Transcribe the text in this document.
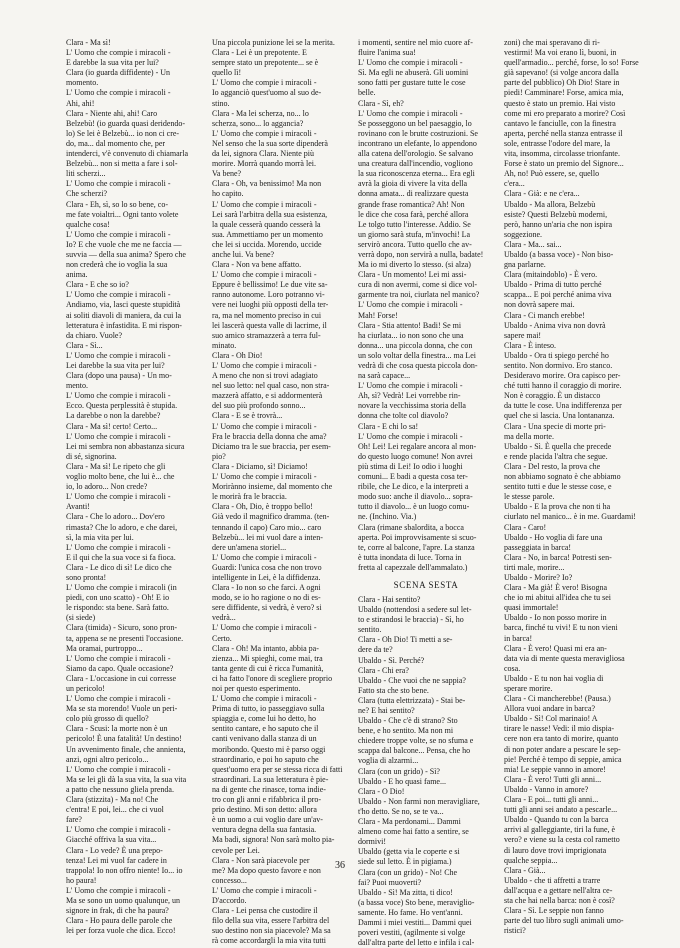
Clara - Ma sì!
L' Uomo che compie i miracoli -
E darebbe la sua vita per lui?
Clara (io guarda diffidente) - Un
momento.
L' Uomo che compie i miracoli -
Ahi, ahi!
Clara - Niente ahi, ahi! Caro
Belzebù! (io guarda quasi deridendo-
lo) Se lei è Belzebù... io non ci cre-
do, ma... dal momento che, per
intenderci, v'è convenuto di chiamarla
Belzebù... non si metta a fare i sol-
liti scherzi...
L' Uomo che compie i miracoli -
Che scherzi?
Clara - Eh, sì, so lo so bene, co-
me fate voialtri... Ogni tanto volete
qualche cosa!
L' Uomo che compie i miracoli -
Io? E che vuole che me ne faccia —
suvvia — della sua anima? Spero che
non crederà che io voglia la sua
anima.
Clara - E che so io?
L' Uomo che compie i miracoli -
Andiamo, via, lasci queste stupidità
ai soliti diavoli di maniera, da cui la
letteratura è infastidita. E mi rispon-
da chiaro. Vuole?
Clara - Sì...
L' Uomo che compie i miracoli -
Lei darebbe la sua vita per lui?
Clara (dopo una pausa) - Un mo-
mento.
L' Uomo che compie i miracoli -
Ecco. Questa perplessità è stupida.
La darebbe o non la darebbe?
Clara - Ma sì! certo! Certo...
L' Uomo che compie i miracoli -
Lei mi sembra non abbastanza sicura
di sé, signorina.
Clara - Ma sì! Le ripeto che gli
voglio molto bene, che lui è... che
io, lo adoro... Non crede?
L' Uomo che compie i miracoli -
Avanti!
Clara - Che lo adoro... Dov'ero
rimasta? Che lo adoro, e che darei,
sì, la mia vita per lui.
L' Uomo che compie i miracoli -
E il qui che la sua voce si fa fioca.
Clara - Le dico di sì! Le dico che
sono pronta!
L' Uomo che compie i miracoli (in
piedi, con uno scatto) - Oh! E io
le rispondo: sta bene. Sarà fatto.
(si siede)
Clara (timida) - Sicuro, sono pron-
ta, appena se ne presenti l'occasione.
Ma oramai, purtroppo...
L' Uomo che compie i miracoli -
Siamo da capo. Quale occasione?
Clara - L'occasione in cui corresse
un pericolo!
L' Uomo che compie i miracoli -
Ma se sta morendo! Vuole un peri-
colo più grosso di quello?
Clara - Scusi: la morte non è un
pericolo! È una fatalità! Un destino!
Un avvenimento finale, che annienta,
anzi, ogni altro pericolo...
L' Uomo che compie i miracoli -
Ma se lei gli dà la sua vita, la sua vita
a patto che nessuno gliela prenda.
Clara (stizzita) - Ma no! Che
c'entra! E poi, lei... che ci vuol
fare?
L' Uomo che compie i miracoli -
Giacché offriva la sua vita...
Clara - Lo vede? È una prepo-
tenza! Lei mi vuol far cadere in
trappola! Io non offro niente! Io... io
ho paura!
L' Uomo che compie i miracoli -
Ma se sono un uomo qualunque, un
signore in frak, di che ha paura?
Clara - Ho paura delle parole che
lei per forza vuole che dica. Ecco!
Una piccola punizione lei se la merita.
Clara - Lei è un prepotente. E
sempre stato un prepotente... se è
quello lì!
L' Uomo che compie i miracoli -
Io agganciò quest'uomo al suo de-
stino.
Clara - Ma lei scherza, no... lo
scherza, sono... lo aggancia?
L' Uomo che compie i miracoli -
Nel senso che la sua sorte dipenderà
da lei, signora Clara. Niente più
morire. Morrà quando morrà lei.
Va bene?
Clara - Oh, va benissimo! Ma non
ho capito.
L' Uomo che compie i miracoli -
Lei sarà l'arbitra della sua esistenza,
la quale cesserà quando cesserà la
sua. Ammettiamo per un momento
che lei si uccida. Morendo, uccide
anche lui. Va bene?
Clara - Non va bene affatto.
L' Uomo che compie i miracoli -
Eppure è bellissimo! Le due vite sa-
ranno autonome. Loro potranno vi-
vere nei luoghi più opposti della ter-
ra, ma nel momento preciso in cui
lei lascerà questa valle di lacrime, il
suo amico stramazzerà a terra ful-
minato.
Clara - Oh Dio!
L' Uomo che compie i miracoli -
A meno che non si trovi adagiato
nel suo letto: nel qual caso, non stra-
mazzerà affatto, e si addormenterà
del suo più profondo sonno...
Clara - E se è trovrà...
L' Uomo che compie i miracoli -
Fra le braccia della donna che ama?
Diciamo tra le sue braccia, per esem-
pio?
Clara - Diciamo, sì! Diciamo!
L' Uomo che compie i miracoli -
Morirànno insieme, dal momento che
le morirà fra le braccia.
Clara - Oh, Dio, è troppo bello!
Già vedo il magnifico dramma. (ten-
tennando il capo) Caro mio... caro
Belzebù... lei mi vuol dare a inten-
dere un'amena storiel...
L' Uomo che compie i miracoli -
Guardi: l'unica cosa che non trovo
intelligente in Lei, è la diffidenza.
Clara - Io non so che farci. A ogni
modo, se io ho ragione o no di es-
sere diffidente, si vedrà, è vero? si
vedrà...
L' Uomo che compie i miracoli -
Certo.
Clara - Oh! Ma intanto, abbia pa-
zienza... Mi spieghi, come mai, tra
tanta gente di cui è ricca l'umanità,
ci ha fatto l'onore di scegliere proprio
noi per questo esperimento.
L' Uomo che compie i miracoli -
Prima di tutto, io passeggiavo sulla
spiaggia e, come lui ho detto, ho
sentito cantare, e ho saputo che il
canti venivano dalla stanza di un
moribondo. Questo mi è parso oggi
straordinario, e poi ho saputo che
quest'uomo era per se stessa ricca di fatti
straordinari. La sua letteratura è pie-
na di gente che rinasce, torna indie-
tro con gli anni e rifabbrica il pro-
prio destino. Mi son detto: allora
è un uomo a cui voglio dare un'av-
ventura degna della sua fantasia.
Ma badi, signora! Non sarà molto pia-
cevole per Lei.
Clara - Non sarà piacevole per
me? Ma dopo questo favore e non
concesso...
L' Uomo che compie i miracoli -
D'accordo.
Clara - Lei pensa che custodire il
filo della sua vita, essere l'arbitra del
suo destino non sia piacevole? Ma sa
rà come accordargli la mia vita tutti
i momenti, sentire nel mio cuore af-
fluire l'anima sua!
L' Uomo che compie i miracoli -
Sì. Ma egli ne abuserà. Gli uomini
sono fatti per gustare tutte le cose
belle.
Clara - Sì, eh?
L' Uomo che compie i miracoli -
Se posseggono un bel paesaggio, lo
rovinano con le brutte costruzioni. Se
incontrano un elefante, lo appendono
alla catena dell'orologio. Se salvano
una creatura dall'incendio, vogliono
la sua riconoscenza eterna... Era egli
avrà la gioia di vivere la vita della
donna amata... di realizzare questa
grande frase romantica? Ah! Non
le dice che cosa farà, perché allora
Le tolgo tutto l'interesse. Addio. Se
un giorno sarà stufa, m'invochi! La
servirò ancora. Tutto quello che av-
verrà dopo, non servirà a nulla, badate!
Ma io mi diverto lo stesso. (si alza)
Clara - Un momento! Lei mi assi-
cura di non avermi, come si dice vol-
garmente tra noi, ciurlata nel manico?
L' Uomo che compie i miracoli -
Mah! Forse!
Clara - Stia attento! Badi! Se mi
ha ciurlata... io non sono che una
donna... una piccola donna, che con
un solo voltar della finestra... ma Lei
vedrà di che cosa questa piccola don-
na sarà capace...
L' Uomo che compie i miracoli -
Ah, sì? Vedrà! Lei vorrebbe rin-
novare la vecchissima storia della
donna che tolte col diavolo?
Clara - E chi lo sa!
L' Uomo che compie i miracoli -
Oh! Lei! Lei regalare ancora al mon-
do questo luogo comune! Non avrei
più stima di Lei! Io odio i luoghi
comuni... E badi a questa cosa ter-
ribile, che Le dico, e la interpreti a
modo suo: anche il diavolo... sopra-
tutto il diavolo... è un luogo comu-
ne. (Inchino. Via.)
Clara (rimane sbalordita, a bocca
aperta. Poi improvvisamente si scuo-
te, corre al balcone, l'apre. La stanza
è tutta inondata di luce. Torna in
fretta al capezzale dell'ammalato.)
SCENA SESTA
Clara - Hai sentito?
Ubaldo (nottendosi a sedere sul let-
to e stirandosi le braccia) - Sì, ho
sentito.
Clara - Oh Dio! Ti metti a se-
dere da te?
Ubaldo - Sì. Perché?
Clara - Chi era?
Ubaldo - Che vuoi che ne sappia?
Fatto sta che sto bene.
Clara (tutta elettrizzata) - Stai be-
ne? E hai sentito?
Ubaldo - Che c'è di strano? Sto
bene, e ho sentito. Ma non mi
chiedere troppe volte, se no sfuma e
scappa dal balcone... Pensa, che ho
voglia di alzarmi...
Clara (con un grido) - Sì?
Ubaldo - E ho quasi fame...
Clara - O Dio!
Ubaldo - Non farmi non meravigliare,
t'ho detto. Se no, se te va...
Clara - Ma perdonami... Dammi
almeno come hai fatto a sentire, se
dormivi!
Ubaldo (getta via le coperte e si
siede sul letto. È in pigiama.)
Clara (con un grido) - No! Che
fai? Puoi muoverti?
Ubaldo - Sì! Ma zitta, ti dico!
(a bassa voce) Sto bene, meraviglio-
samente. Ho fame. Ho vent'anni.
Dammi i miei vestiti... Dammi quei
poveri vestiti, (agilmente si volge
dall'altra parte del letto e infila i cal-
zoni) che mai speravano di ri-
vestirmi! Ma voi erano lì, buoni, in
quell'armadio... perché, forse, lo so! Forse
già sapevano! (si volge ancora dalla
parte del pubblico) Oh Dio! Stare in
piedi! Camminare! Forse, amica mia,
questo è stato un premio. Hai visto
come mi ero preparato a morire? Così
cantavo le fanciulle, con la finestra
aperta, perché nella stanza entrasse il
sole, entrasse l'odore del mare, la
vita, insomma, circolasse trionfante.
Forse è stato un premio del Signore...
Ah, no! Può essere, se, quello
c'era...
Clara - Già: e ne c'era...
Ubaldo - Ma allora, Belzebù
esiste? Questi Belzebù moderni,
però, hanno un'aria che non ispira
soggezione.
Clara - Ma... sai...
Ubaldo (a bassa voce) - Non biso-
gna parlarne.
Clara (mitaindoblo) - È vero.
Ubaldo - Prima di tutto perché
scappa... E poi perché anima viva
non dovrà sapere mai.
Clara - Ci manch erebbe!
Ubaldo - Anima viva non dovrà
sapere mai!
Clara - È inteso.
Ubaldo - Ora ti spiego perché ho
sentito. Non dormivo. Ero stanco.
Desideravo morire. Ora capisco per-
ché tutti hanno il coraggio di morire.
Non è coraggio. È un distacco
da tutte le cose. Una indifferenza per
quel che si lascia. Una lontananza.
Clara - Una specie di morte pri-
ma della morte.
Ubaldo - Sì. È quella che precede
e rende placida l'altra che segue.
Clara - Del resto, la prova che
non abbiamo sognato è che abbiamo
sentito tutti e due le stesse cose, e
le stesse parole.
Ubaldo - E la prova che non ti ha
ciurlato nel manico... è in me. Guardami!
Clara - Caro!
Ubaldo - Ho voglia di fare una
passeggiata in barca!
Clara - No, in barca! Potresti sen-
tirti male, morire...
Ubaldo - Morire? Io?
Clara - Ma già! È vero! Bisogna
che io mi abitui all'idea che tu sei
quasi immortale!
Ubaldo - Io non posso morire in
barca, finché tu vivi! E tu non vieni
in barca!
Clara - È vero! Quasi mi era an-
data via di mente questa meravigliosa
cosa.
Ubaldo - E tu non hai voglia di
sperare morire.
Clara - Ci mancherebbe! (Pausa.)
Allora vuoi andare in barca?
Ubaldo - Sì! Col marinaio! A
tirare le nasse! Vedi: il mio dispia-
cere non era tanto di morire, quanto
di non poter andare a pescare le sep-
pie! Perché è tempo di seppie, amica
mia! Le seppie vanno in amore!
Clara - È vero! Tutti gli anni...
Ubaldo - Vanno in amore?
Clara - E poi... tutti gli anni...
tutti gli anni sei andato a pescarle...
Ubaldo - Quando tu con la barca
arrivi al galleggiante, tiri la fune, è
vero? e viene su la cesta col rametto
di lauro dove trovi imprigionata
qualche seppia...
Clara - Già...
Ubaldo - che ti affretti a trarre
dall'acqua e a gettare nell'altra ce-
sta che hai nella barca: non è così?
Clara - Sì. Le seppie non fanno
parte del tuo libro sugli animali umo-
ristici?
36
